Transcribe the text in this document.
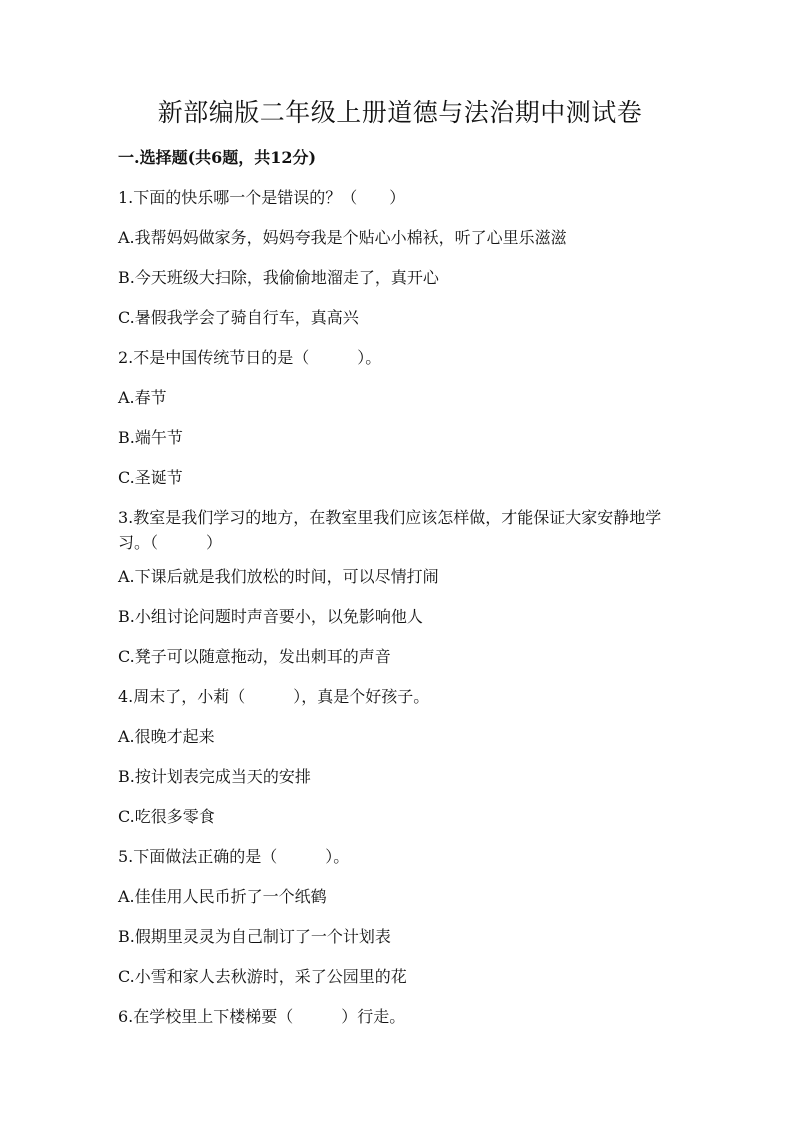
新部编版二年级上册道德与法治期中测试卷
一.选择题(共6题，共12分)
1.下面的快乐哪一个是错误的？（　　）
A.我帮妈妈做家务，妈妈夸我是个贴心小棉袄，听了心里乐滋滋
B.今天班级大扫除，我偷偷地溜走了，真开心
C.暑假我学会了骑自行车，真高兴
2.不是中国传统节日的是（　　　）。
A.春节
B.端午节
C.圣诞节
3.教室是我们学习的地方，在教室里我们应该怎样做，才能保证大家安静地学习。（　　　）
A.下课后就是我们放松的时间，可以尽情打闹
B.小组讨论问题时声音要小，以免影响他人
C.凳子可以随意拖动，发出刺耳的声音
4.周末了，小莉（　　　），真是个好孩子。
A.很晚才起来
B.按计划表完成当天的安排
C.吃很多零食
5.下面做法正确的是（　　　）。
A.佳佳用人民币折了一个纸鹤
B.假期里灵灵为自己制订了一个计划表
C.小雪和家人去秋游时，采了公园里的花
6.在学校里上下楼梯要（　　　）行走。
